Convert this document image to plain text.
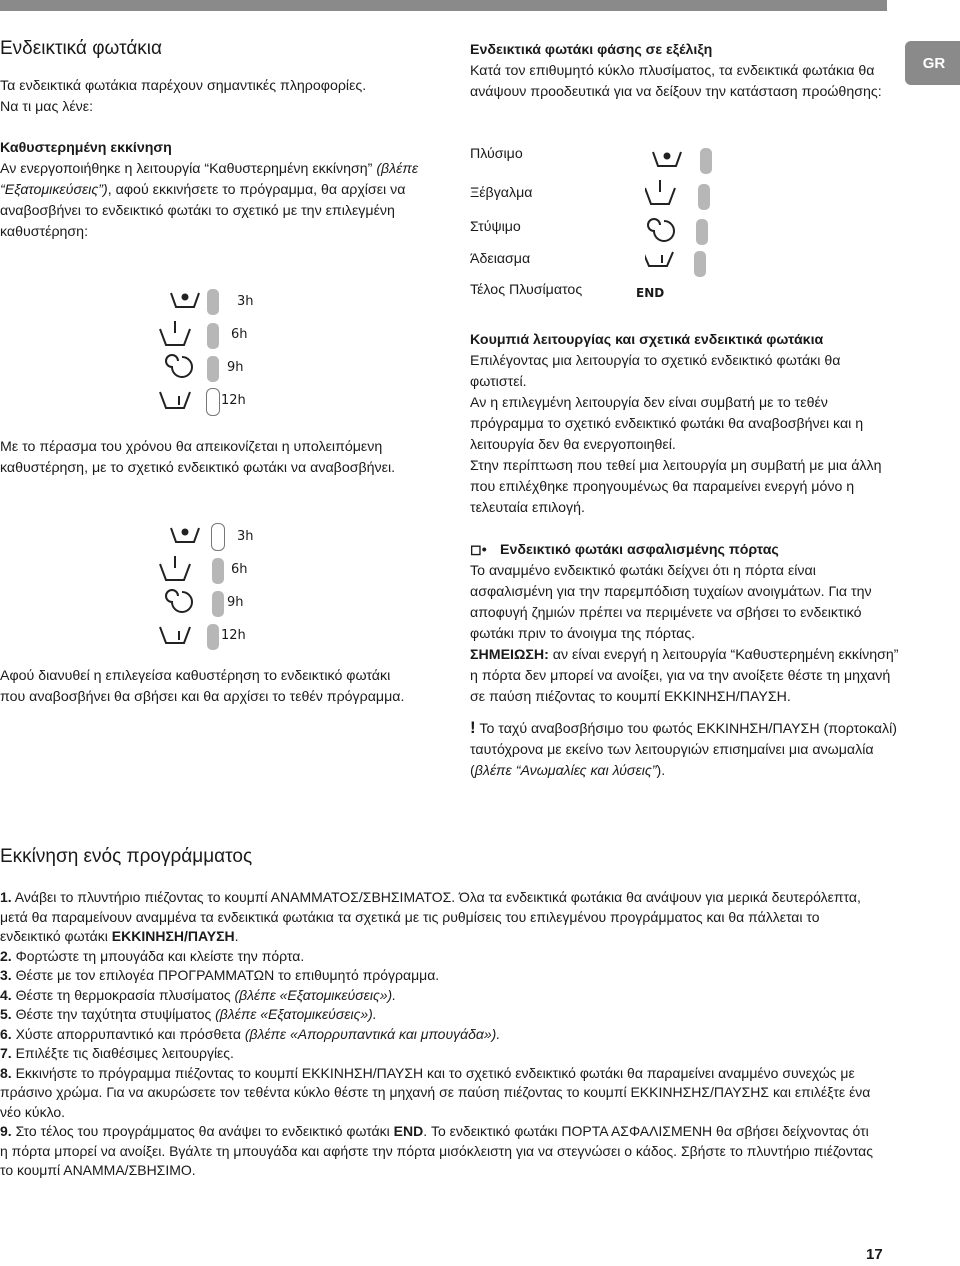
GR
Ενδεικτικά φωτάκια

Τα ενδεικτικά φωτάκια παρέχουν σημαντικές πληροφορίες.

Να τι μας λένε:

Καθυστερημένη εκκίνηση

Αν ενεργοποιήθηκε η λειτουργία “Καθυστερημένη εκκίνηση” (βλέπε “Εξατομικεύσεις”), αφού εκκινήσετε το πρόγραμμα, θα αρχίσει να αναβοσβήνει το ενδεικτικό φωτάκι το σχετικό με την επιλεγμένη καθυστέρηση:

3h
6h
9h
12h

Με το πέρασμα του χρόνου θα απεικονίζεται η υπολειπόμενη καθυστέρηση, με το σχετικό ενδεικτικό φωτάκι να αναβοσβήνει.

3h
6h
9h
12h

Αφού διανυθεί η επιλεγείσα καθυστέρηση το ενδεικτικό φωτάκι που αναβοσβήνει θα σβήσει και θα αρχίσει το τεθέν πρόγραμμα.

Ενδεικτικά φωτάκι φάσης σε εξέλιξη

Κατά τον επιθυμητό κύκλο πλυσίματος, τα ενδεικτικά φωτάκια θα ανάψουν προοδευτικά για να δείξουν την κατάσταση προώθησης:

Πλύσιμο
Ξέβγαλμα
Στύψιμο
Άδειασμα
Τέλος Πλυσίματος	END

Κουμπιά λειτουργίας και σχετικά ενδεικτικά φωτάκια

Επιλέγοντας μια λειτουργία το σχετικό ενδεικτικό φωτάκι θα φωτιστεί.

Αν η επιλεγμένη λειτουργία δεν είναι συμβατή με το τεθέν πρόγραμμα το σχετικό ενδεικτικό φωτάκι θα αναβοσβήνει και η λειτουργία δεν θα ενεργοποιηθεί.

Στην περίπτωση που τεθεί μια λειτουργία μη συμβατή με μια άλλη που επιλέχθηκε προηγουμένως θα παραμείνει ενεργή μόνο η τελευταία επιλογή.

◻• Ενδεικτικό φωτάκι ασφαλισμένης πόρτας

Το αναμμένο ενδεικτικό φωτάκι δείχνει ότι η πόρτα είναι ασφαλισμένη για την παρεμπόδιση τυχαίων ανοιγμάτων. Για την αποφυγή ζημιών πρέπει να περιμένετε να σβήσει το ενδεικτικό φωτάκι πριν το άνοιγμα της πόρτας.

ΣΗΜΕΙΩΣΗ: αν είναι ενεργή η λειτουργία “Καθυστερημένη εκκίνηση” η πόρτα δεν μπορεί να ανοίξει, για να την ανοίξετε θέστε τη μηχανή σε παύση πιέζοντας το κουμπί ΕΚΚΙΝΗΣΗ/ΠΑΥΣΗ.

! Το ταχύ αναβοσβήσιμο του φωτός ΕΚΚΙΝΗΣΗ/ΠΑΥΣΗ (πορτοκαλί) ταυτόχρονα με εκείνο των λειτουργιών επισημαίνει μια ανωμαλία (βλέπε “Ανωμαλίες και λύσεις”).

Εκκίνηση ενός προγράμματος

1. Ανάβει το πλυντήριο πιέζοντας το κουμπί ΑΝΑΜΜΑΤΟΣ/ΣΒΗΣΙΜΑΤΟΣ. Όλα τα ενδεικτικά φωτάκια θα ανάψουν για μερικά δευτερόλεπτα, μετά θα παραμείνουν αναμμένα τα ενδεικτικά φωτάκια τα σχετικά με τις ρυθμίσεις του επιλεγμένου προγράμματος και θα πάλλεται το ενδεικτικό φωτάκι ΕΚΚΙΝΗΣΗ/ΠΑΥΣΗ.

2. Φορτώστε τη μπουγάδα και κλείστε την πόρτα.

3. Θέστε με τον επιλογέα ΠΡΟΓΡΑΜΜΑΤΩΝ το επιθυμητό πρόγραμμα.

4. Θέστε τη θερμοκρασία πλυσίματος (βλέπε «Εξατομικεύσεις»).

5. Θέστε την ταχύτητα στυψίματος (βλέπε «Εξατομικεύσεις»).

6. Χύστε απορρυπαντικό και πρόσθετα (βλέπε «Απορρυπαντικά και μπουγάδα»).

7. Επιλέξτε τις διαθέσιμες λειτουργίες.

8. Εκκινήστε το πρόγραμμα πιέζοντας το κουμπί ΕΚΚΙΝΗΣΗ/ΠΑΥΣΗ και το σχετικό ενδεικτικό φωτάκι θα παραμείνει αναμμένο συνεχώς με πράσινο χρώμα. Για να ακυρώσετε τον τεθέντα κύκλο θέστε τη μηχανή σε παύση πιέζοντας το κουμπί ΕΚΚΙΝΗΣΗΣ/ΠΑΥΣΗΣ και επιλέξτε ένα νέο κύκλο.

9. Στο τέλος του προγράμματος θα ανάψει το ενδεικτικό φωτάκι END. Το ενδεικτικό φωτάκι ΠΟΡΤΑ ΑΣΦΑΛΙΣΜΕΝΗ θα σβήσει δείχνοντας ότι η πόρτα μπορεί να ανοίξει. Βγάλτε τη μπουγάδα και αφήστε την πόρτα μισόκλειστη για να στεγνώσει ο κάδος. Σβήστε το πλυντήριο πιέζοντας το κουμπί ΑΝΑΜΜΑ/ΣΒΗΣΙΜΟ.

17
